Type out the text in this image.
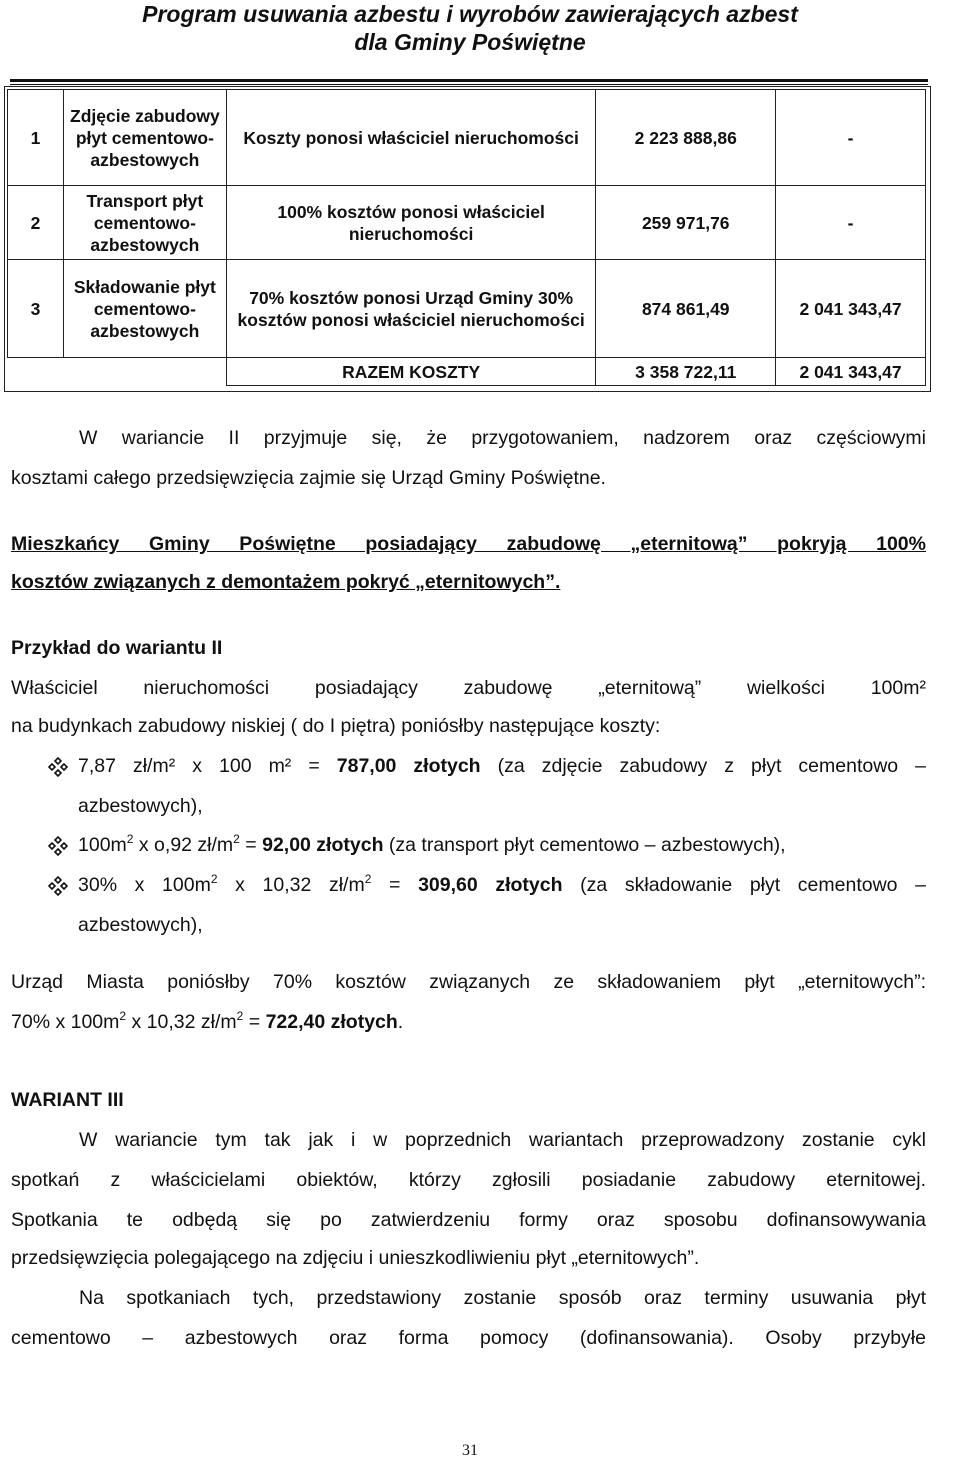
Program usuwania azbestu i wyrobów zawierających azbest
dla Gminy Poświętne
1	Zdjęcie zabudowy płyt cementowo-azbestowych	Koszty ponosi właściciel nieruchomości	2 223 888,86	-
2	Transport płyt cementowo-azbestowych	100% kosztów ponosi właściciel nieruchomości	259 971,76	-
3	Składowanie płyt cementowo-azbestowych	70% kosztów ponosi Urząd Gminy 30% kosztów ponosi właściciel nieruchomości	874 861,49	2 041 343,47
		RAZEM KOSZTY	3 358 722,11	2 041 343,47
W wariancie II przyjmuje się, że przygotowaniem, nadzorem oraz częściowymi
kosztami całego przedsięwzięcia zajmie się Urząd Gminy Poświętne.
Mieszkańcy Gminy Poświętne posiadający zabudowę „eternitową” pokryją 100%
kosztów związanych z demontażem pokryć „eternitowych”.
Przykład do wariantu II
Właściciel nieruchomości posiadający zabudowę „eternitową” wielkości 100m²
na budynkach zabudowy niskiej ( do I piętra) poniósłby następujące koszty:
7,87 zł/m² x 100 m² = 787,00 złotych (za zdjęcie zabudowy z płyt cementowo –
azbestowych),
$100m^2$ x o,92 $zł/m^2 = 92,00$ złotych (za transport płyt cementowo – azbestowych),
30% x $100m^2$ x 10,32 $zł/m^2 = 309,60$ złotych (za składowanie płyt cementowo –
azbestowych),
Urząd Miasta poniósłby 70% kosztów związanych ze składowaniem płyt „eternitowych”:
70% x $100m^2$ x 10,32 $zł/m^2 = 722,40$ złotych.
WARIANT III
W wariancie tym tak jak i w poprzednich wariantach przeprowadzony zostanie cykl
spotkań z właścicielami obiektów, którzy zgłosili posiadanie zabudowy eternitowej.
Spotkania te odbędą się po zatwierdzeniu formy oraz sposobu dofinansowywania
przedsięwzięcia polegającego na zdjęciu i unieszkodliwieniu płyt „eternitowych”.
Na spotkaniach tych, przedstawiony zostanie sposób oraz terminy usuwania płyt
cementowo – azbestowych oraz forma pomocy (dofinansowania). Osoby przybyłe
31
